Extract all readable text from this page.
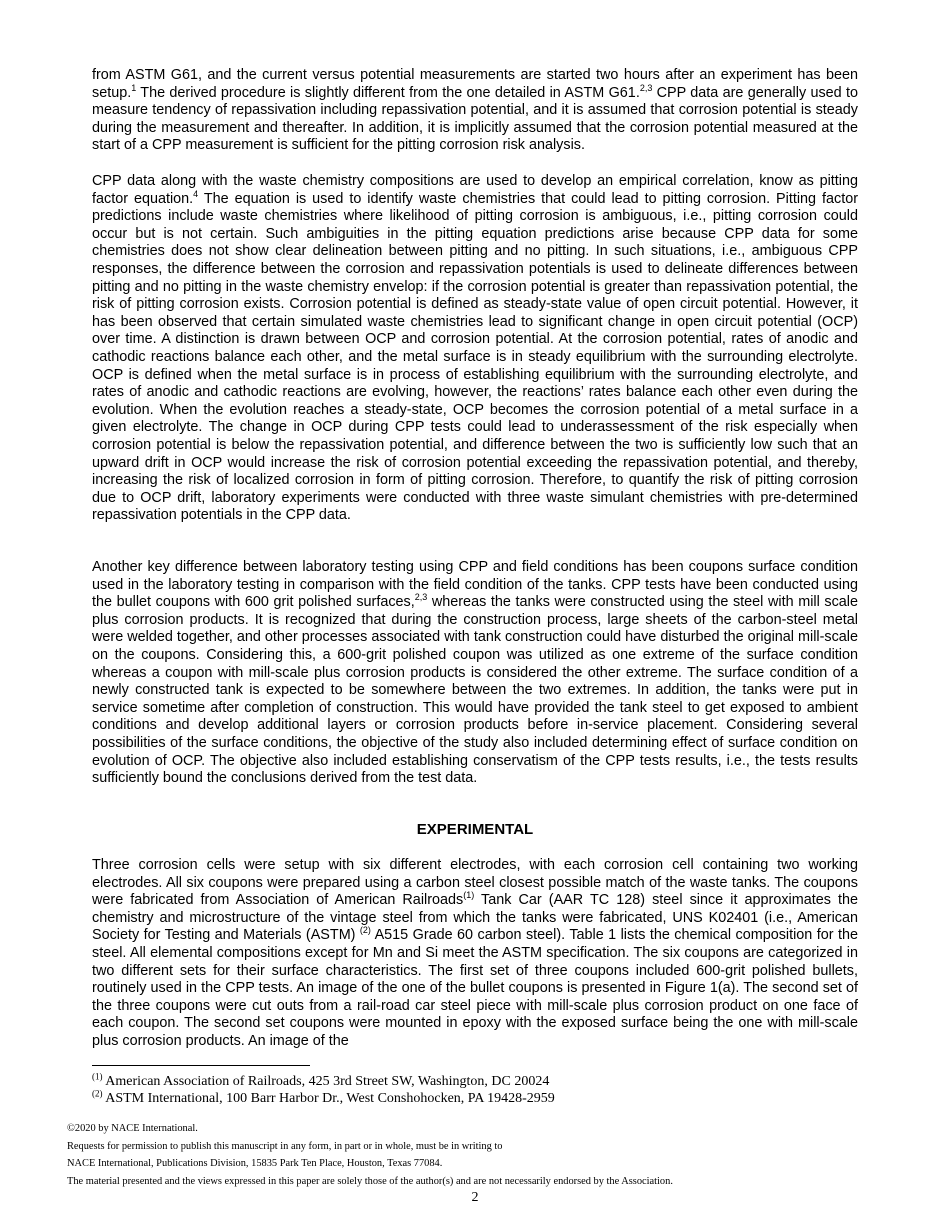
from ASTM G61, and the current versus potential measurements are started two hours after an experiment has been setup.$^1$ The derived procedure is slightly different from the one detailed in ASTM G61.$^{2,3}$ CPP data are generally used to measure tendency of repassivation including repassivation potential, and it is assumed that corrosion potential is steady during the measurement and thereafter. In addition, it is implicitly assumed that the corrosion potential measured at the start of a CPP measurement is sufficient for the pitting corrosion risk analysis.

CPP data along with the waste chemistry compositions are used to develop an empirical correlation, know as pitting factor equation.$^4$ The equation is used to identify waste chemistries that could lead to pitting corrosion. Pitting factor predictions include waste chemistries where likelihood of pitting corrosion is ambiguous, i.e., pitting corrosion could occur but is not certain. Such ambiguities in the pitting equation predictions arise because CPP data for some chemistries does not show clear delineation between pitting and no pitting. In such situations, i.e., ambiguous CPP responses, the difference between the corrosion and repassivation potentials is used to delineate differences between pitting and no pitting in the waste chemistry envelop: if the corrosion potential is greater than repassivation potential, the risk of pitting corrosion exists. Corrosion potential is defined as steady-state value of open circuit potential. However, it has been observed that certain simulated waste chemistries lead to significant change in open circuit potential (OCP) over time. A distinction is drawn between OCP and corrosion potential. At the corrosion potential, rates of anodic and cathodic reactions balance each other, and the metal surface is in steady equilibrium with the surrounding electrolyte. OCP is defined when the metal surface is in process of establishing equilibrium with the surrounding electrolyte, and rates of anodic and cathodic reactions are evolving, however, the reactions’ rates balance each other even during the evolution. When the evolution reaches a steady-state, OCP becomes the corrosion potential of a metal surface in a given electrolyte. The change in OCP during CPP tests could lead to underassessment of the risk especially when corrosion potential is below the repassivation potential, and difference between the two is sufficiently low such that an upward drift in OCP would increase the risk of corrosion potential exceeding the repassivation potential, and thereby, increasing the risk of localized corrosion in form of pitting corrosion. Therefore, to quantify the risk of pitting corrosion due to OCP drift, laboratory experiments were conducted with three waste simulant chemistries with pre-determined repassivation potentials in the CPP data.

Another key difference between laboratory testing using CPP and field conditions has been coupons surface condition used in the laboratory testing in comparison with the field condition of the tanks. CPP tests have been conducted using the bullet coupons with 600 grit polished surfaces,$^{2,3}$ whereas the tanks were constructed using the steel with mill scale plus corrosion products. It is recognized that during the construction process, large sheets of the carbon-steel metal were welded together, and other processes associated with tank construction could have disturbed the original mill-scale on the coupons. Considering this, a 600-grit polished coupon was utilized as one extreme of the surface condition whereas a coupon with mill-scale plus corrosion products is considered the other extreme. The surface condition of a newly constructed tank is expected to be somewhere between the two extremes. In addition, the tanks were put in service sometime after completion of construction. This would have provided the tank steel to get exposed to ambient conditions and develop additional layers or corrosion products before in-service placement. Considering several possibilities of the surface conditions, the objective of the study also included determining effect of surface condition on evolution of OCP. The objective also included establishing conservatism of the CPP tests results, i.e., the tests results sufficiently bound the conclusions derived from the test data.

EXPERIMENTAL

Three corrosion cells were setup with six different electrodes, with each corrosion cell containing two working electrodes. All six coupons were prepared using a carbon steel closest possible match of the waste tanks. The coupons were fabricated from Association of American Railroads$^{(1)}$ Tank Car (AAR TC 128) steel since it approximates the chemistry and microstructure of the vintage steel from which the tanks were fabricated, UNS K02401 (i.e., American Society for Testing and Materials (ASTM) $^{(2)}$ A515 Grade 60 carbon steel). Table 1 lists the chemical composition for the steel. All elemental compositions except for Mn and Si meet the ASTM specification. The six coupons are categorized in two different sets for their surface characteristics. The first set of three coupons included 600-grit polished bullets, routinely used in the CPP tests. An image of the one of the bullet coupons is presented in Figure 1(a). The second set of the three coupons were cut outs from a rail-road car steel piece with mill-scale plus corrosion product on one face of each coupon. The second set coupons were mounted in epoxy with the exposed surface being the one with mill-scale plus corrosion products. An image of the

$^{(1)}$ American Association of Railroads, 425 3rd Street SW, Washington, DC 20024
$^{(2)}$ ASTM International, 100 Barr Harbor Dr., West Conshohocken, PA 19428-2959
©2020 by NACE International.
Requests for permission to publish this manuscript in any form, in part or in whole, must be in writing to
NACE International, Publications Division, 15835 Park Ten Place, Houston, Texas 77084.
The material presented and the views expressed in this paper are solely those of the author(s) and are not necessarily endorsed by the Association.
2
